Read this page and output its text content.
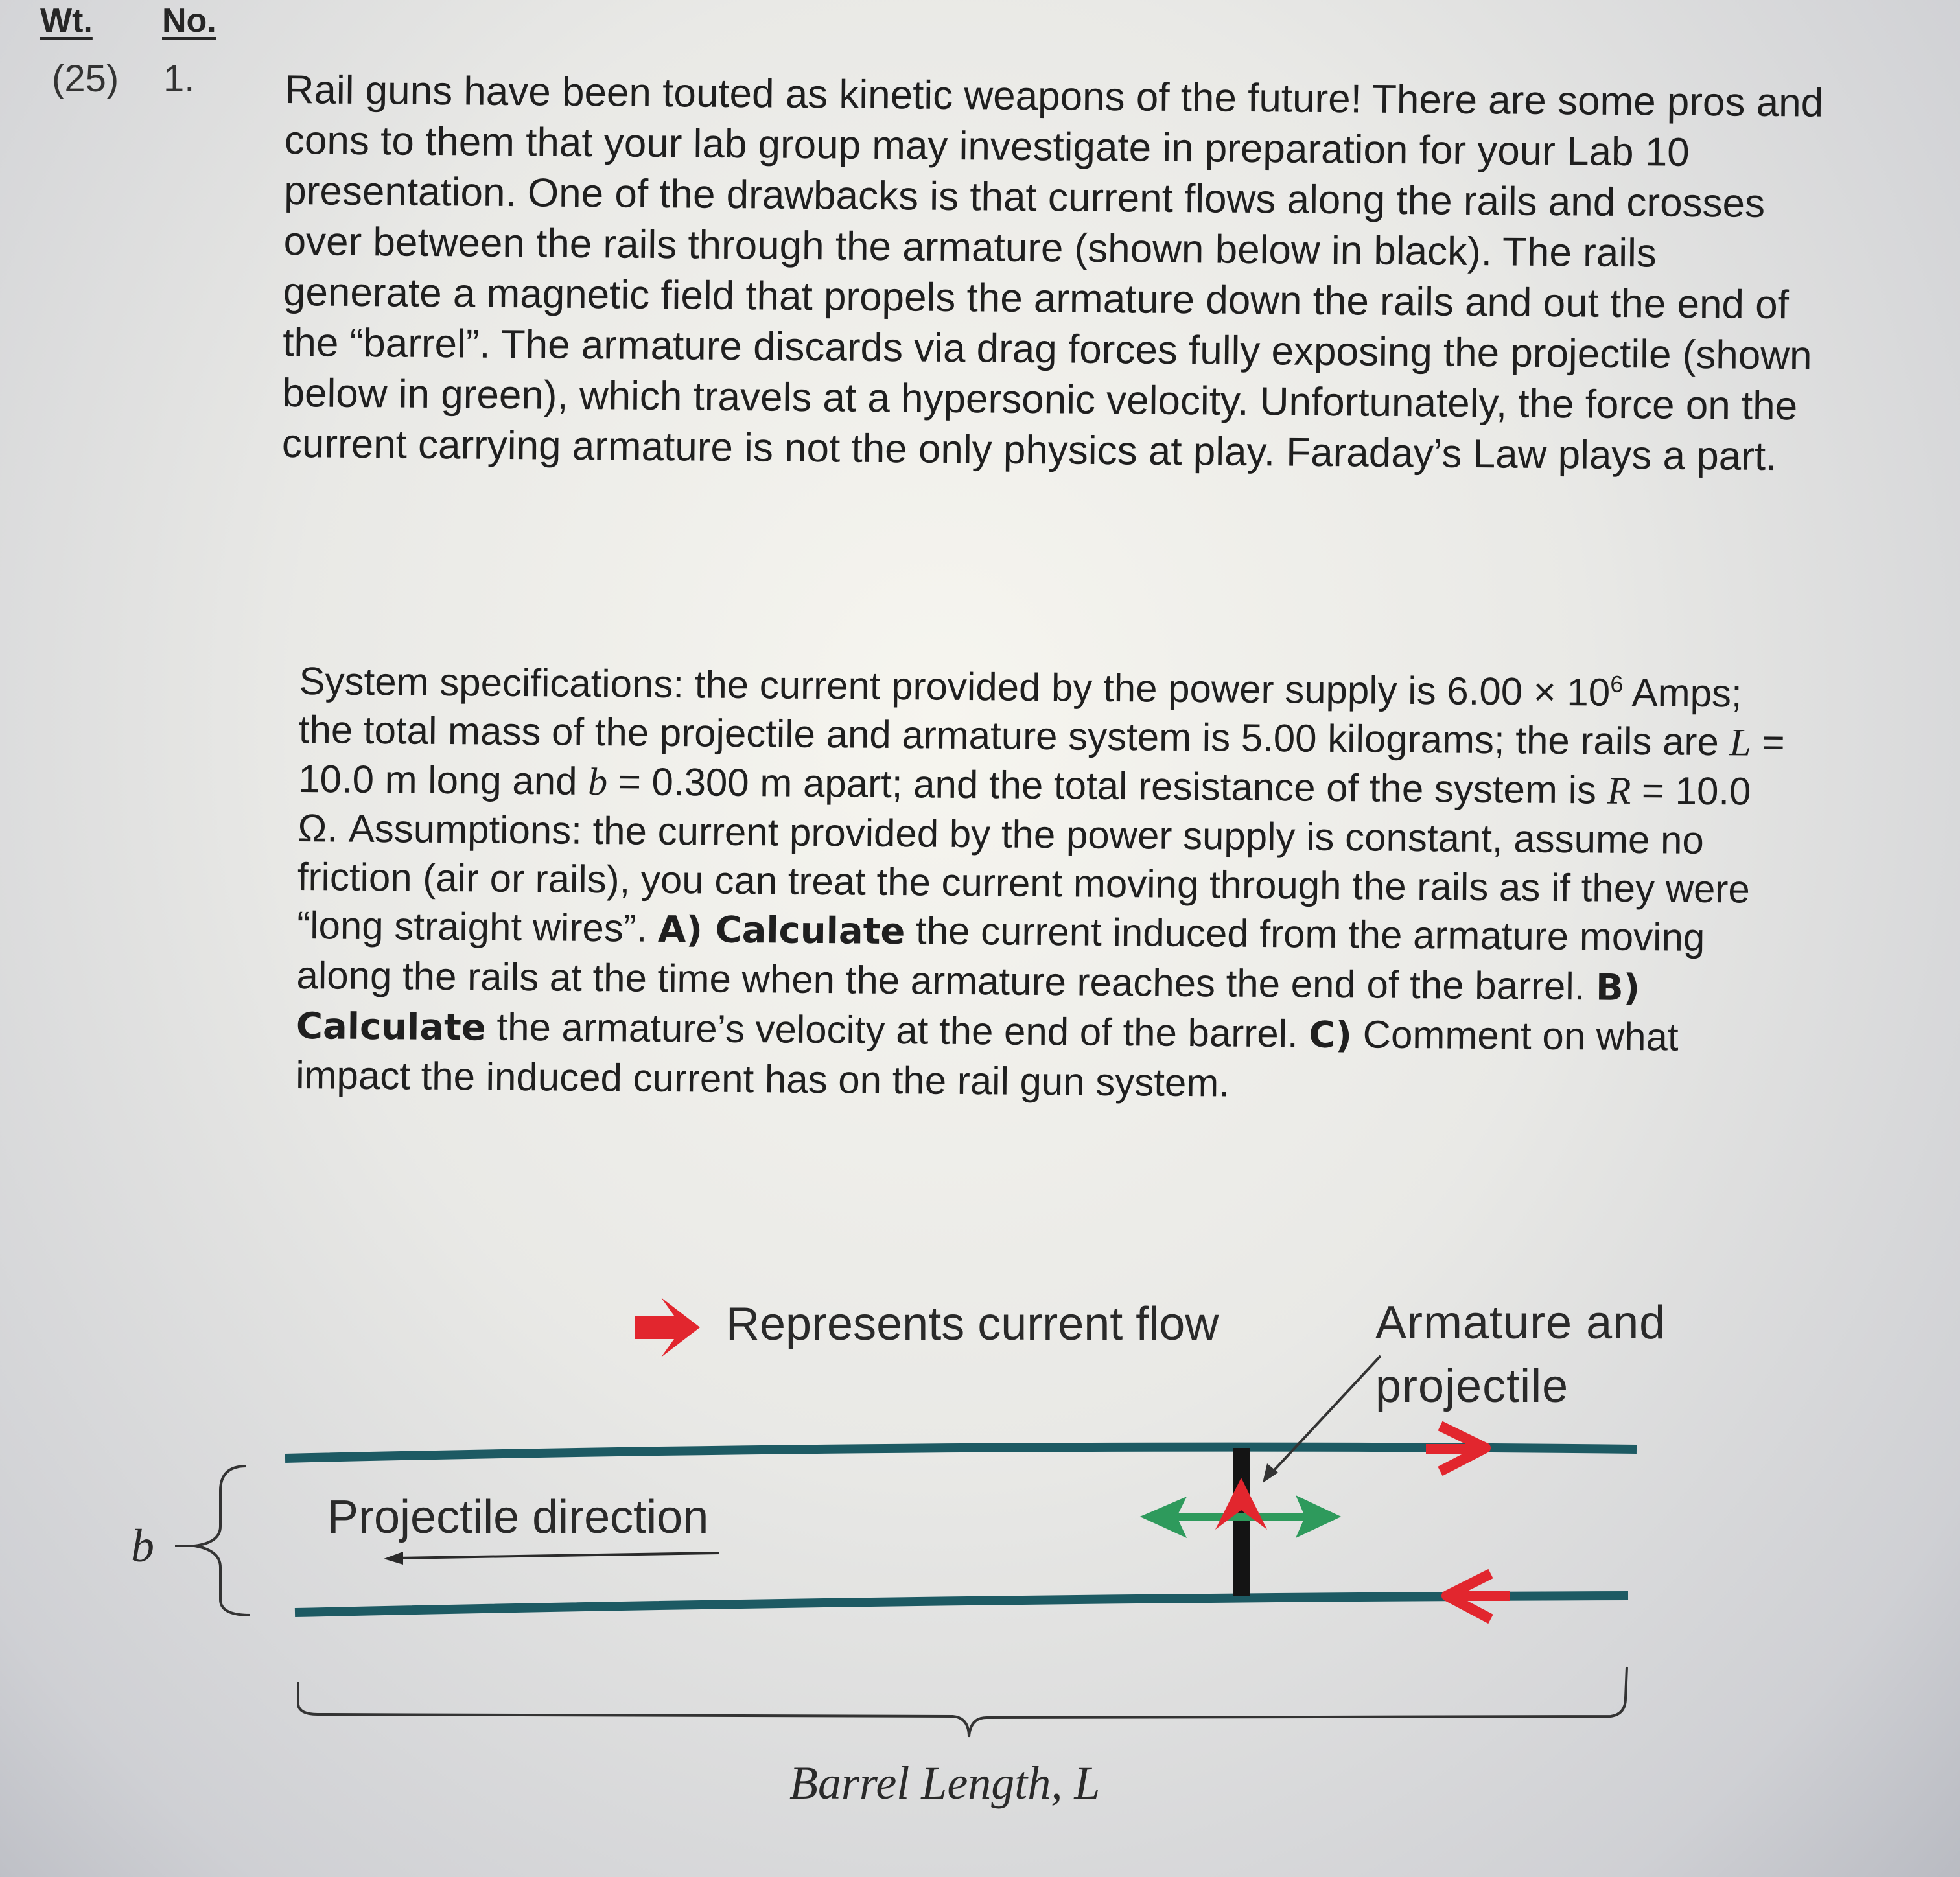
Wt. No.
(25) 1. Rail guns have been touted as kinetic weapons of the future! There are some pros and cons to them that your lab group may investigate in preparation for your Lab 10 presentation. One of the drawbacks is that current flows along the rails and crosses over between the rails through the armature (shown below in black). The rails generate a magnetic field that propels the armature down the rails and out the end of the “barrel”. The armature discards via drag forces fully exposing the projectile (shown below in green), which travels at a hypersonic velocity. Unfortunately, the force on the current carrying armature is not the only physics at play. Faraday’s Law plays a part.

System specifications: the current provided by the power supply is $6.00 \times 10^6$ Amps; the total mass of the projectile and armature system is 5.00 kilograms; the rails are L = 10.0 m long and b = 0.300 m apart; and the total resistance of the system is R = 10.0 Ω. Assumptions: the current provided by the power supply is constant, assume no friction (air or rails), you can treat the current moving through the rails as if they were “long straight wires”. A) Calculate the current induced from the armature moving along the rails at the time when the armature reaches the end of the barrel. B) Calculate the armature’s velocity at the end of the barrel. C) Comment on what impact the induced current has on the rail gun system.

Represents current flow	Armature and
projectile
Projectile direction
b
Barrel Length, L
